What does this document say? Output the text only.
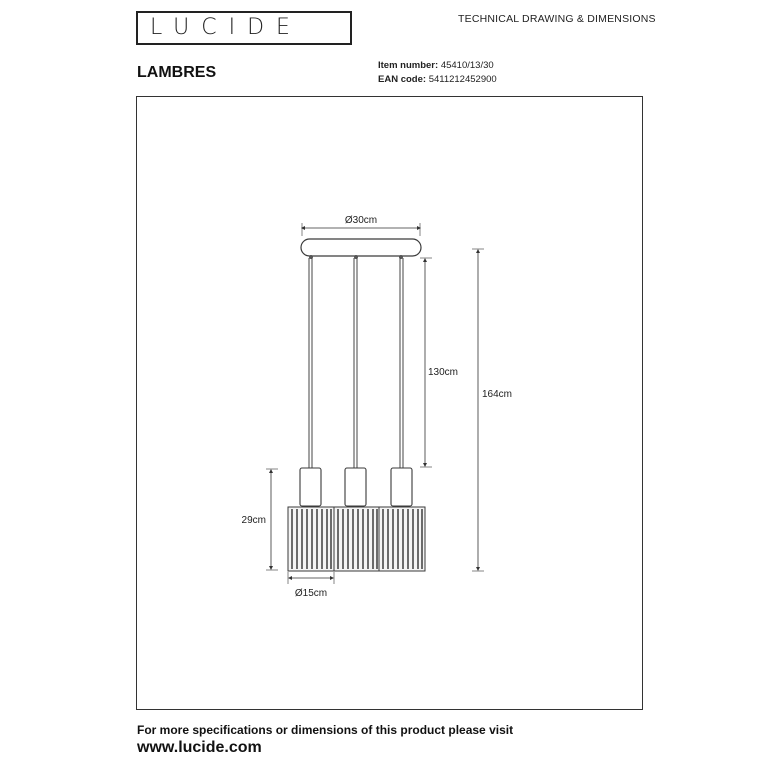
LUCIDE	TECHNICAL DRAWING & DIMENSIONS
LAMBRES	Item number: 45410/13/30
EAN code: 5411212452900
Ø30cm
130cm
164cm
29cm
Ø15cm
For more specifications or dimensions of this product please visit
www.lucide.com
